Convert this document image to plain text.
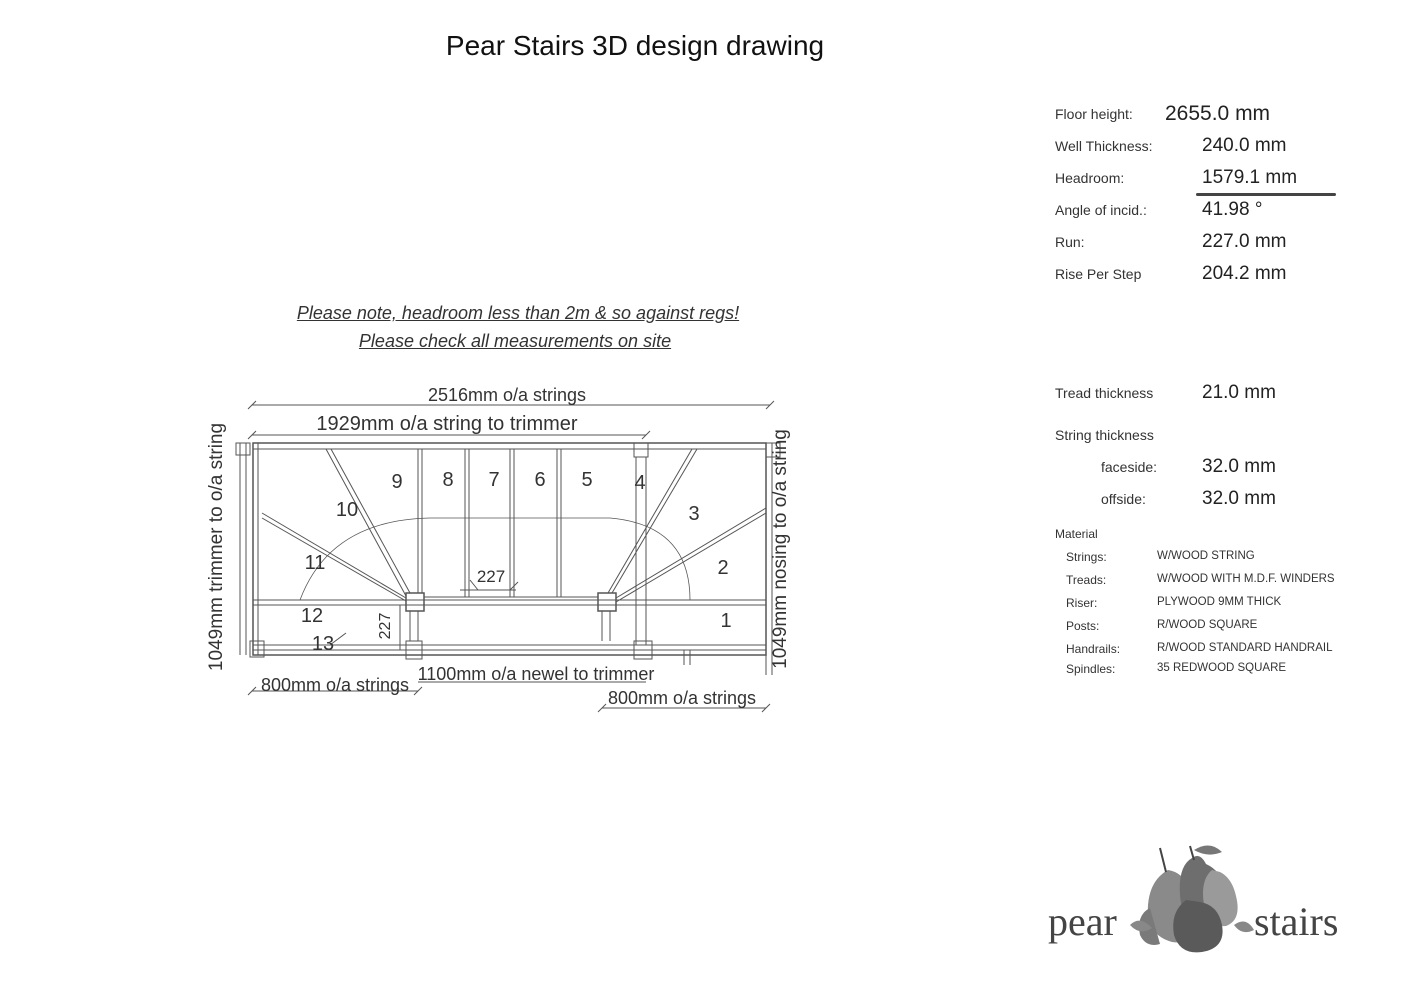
Pear Stairs 3D design drawing
Floor height: 2655.0 mm
Well Thickness:	240.0 mm
Headroom:	1579.1 mm
Angle of incid.:	41.98 °
Run:	227.0 mm
Rise Per Step	204.2 mm
Please note, headroom less than 2m & so against regs!
Please check all measurements on site
Tread thickness	21.0 mm
String thickness
faceside: 32.0 mm
offside:	32.0 mm
Material
Strings:	W/WOOD STRING
Treads:	W/WOOD WITH M.D.F. WINDERS
Riser:	PLYWOOD 9MM THICK
Posts:	R/WOOD SQUARE
Handrails:	R/WOOD STANDARD HANDRAIL
Spindles:	35 REDWOOD SQUARE
2516mm o/a strings
1929mm o/a string to trimmer
1049mm trimmer to o/a string	1049mm nosing to o/a string
800mm o/a strings
1100mm o/a newel to trimmer
800mm o/a strings
227
227	1
2
3
4
5
6
7
8
9
10
11
12
13
pear	stairs
